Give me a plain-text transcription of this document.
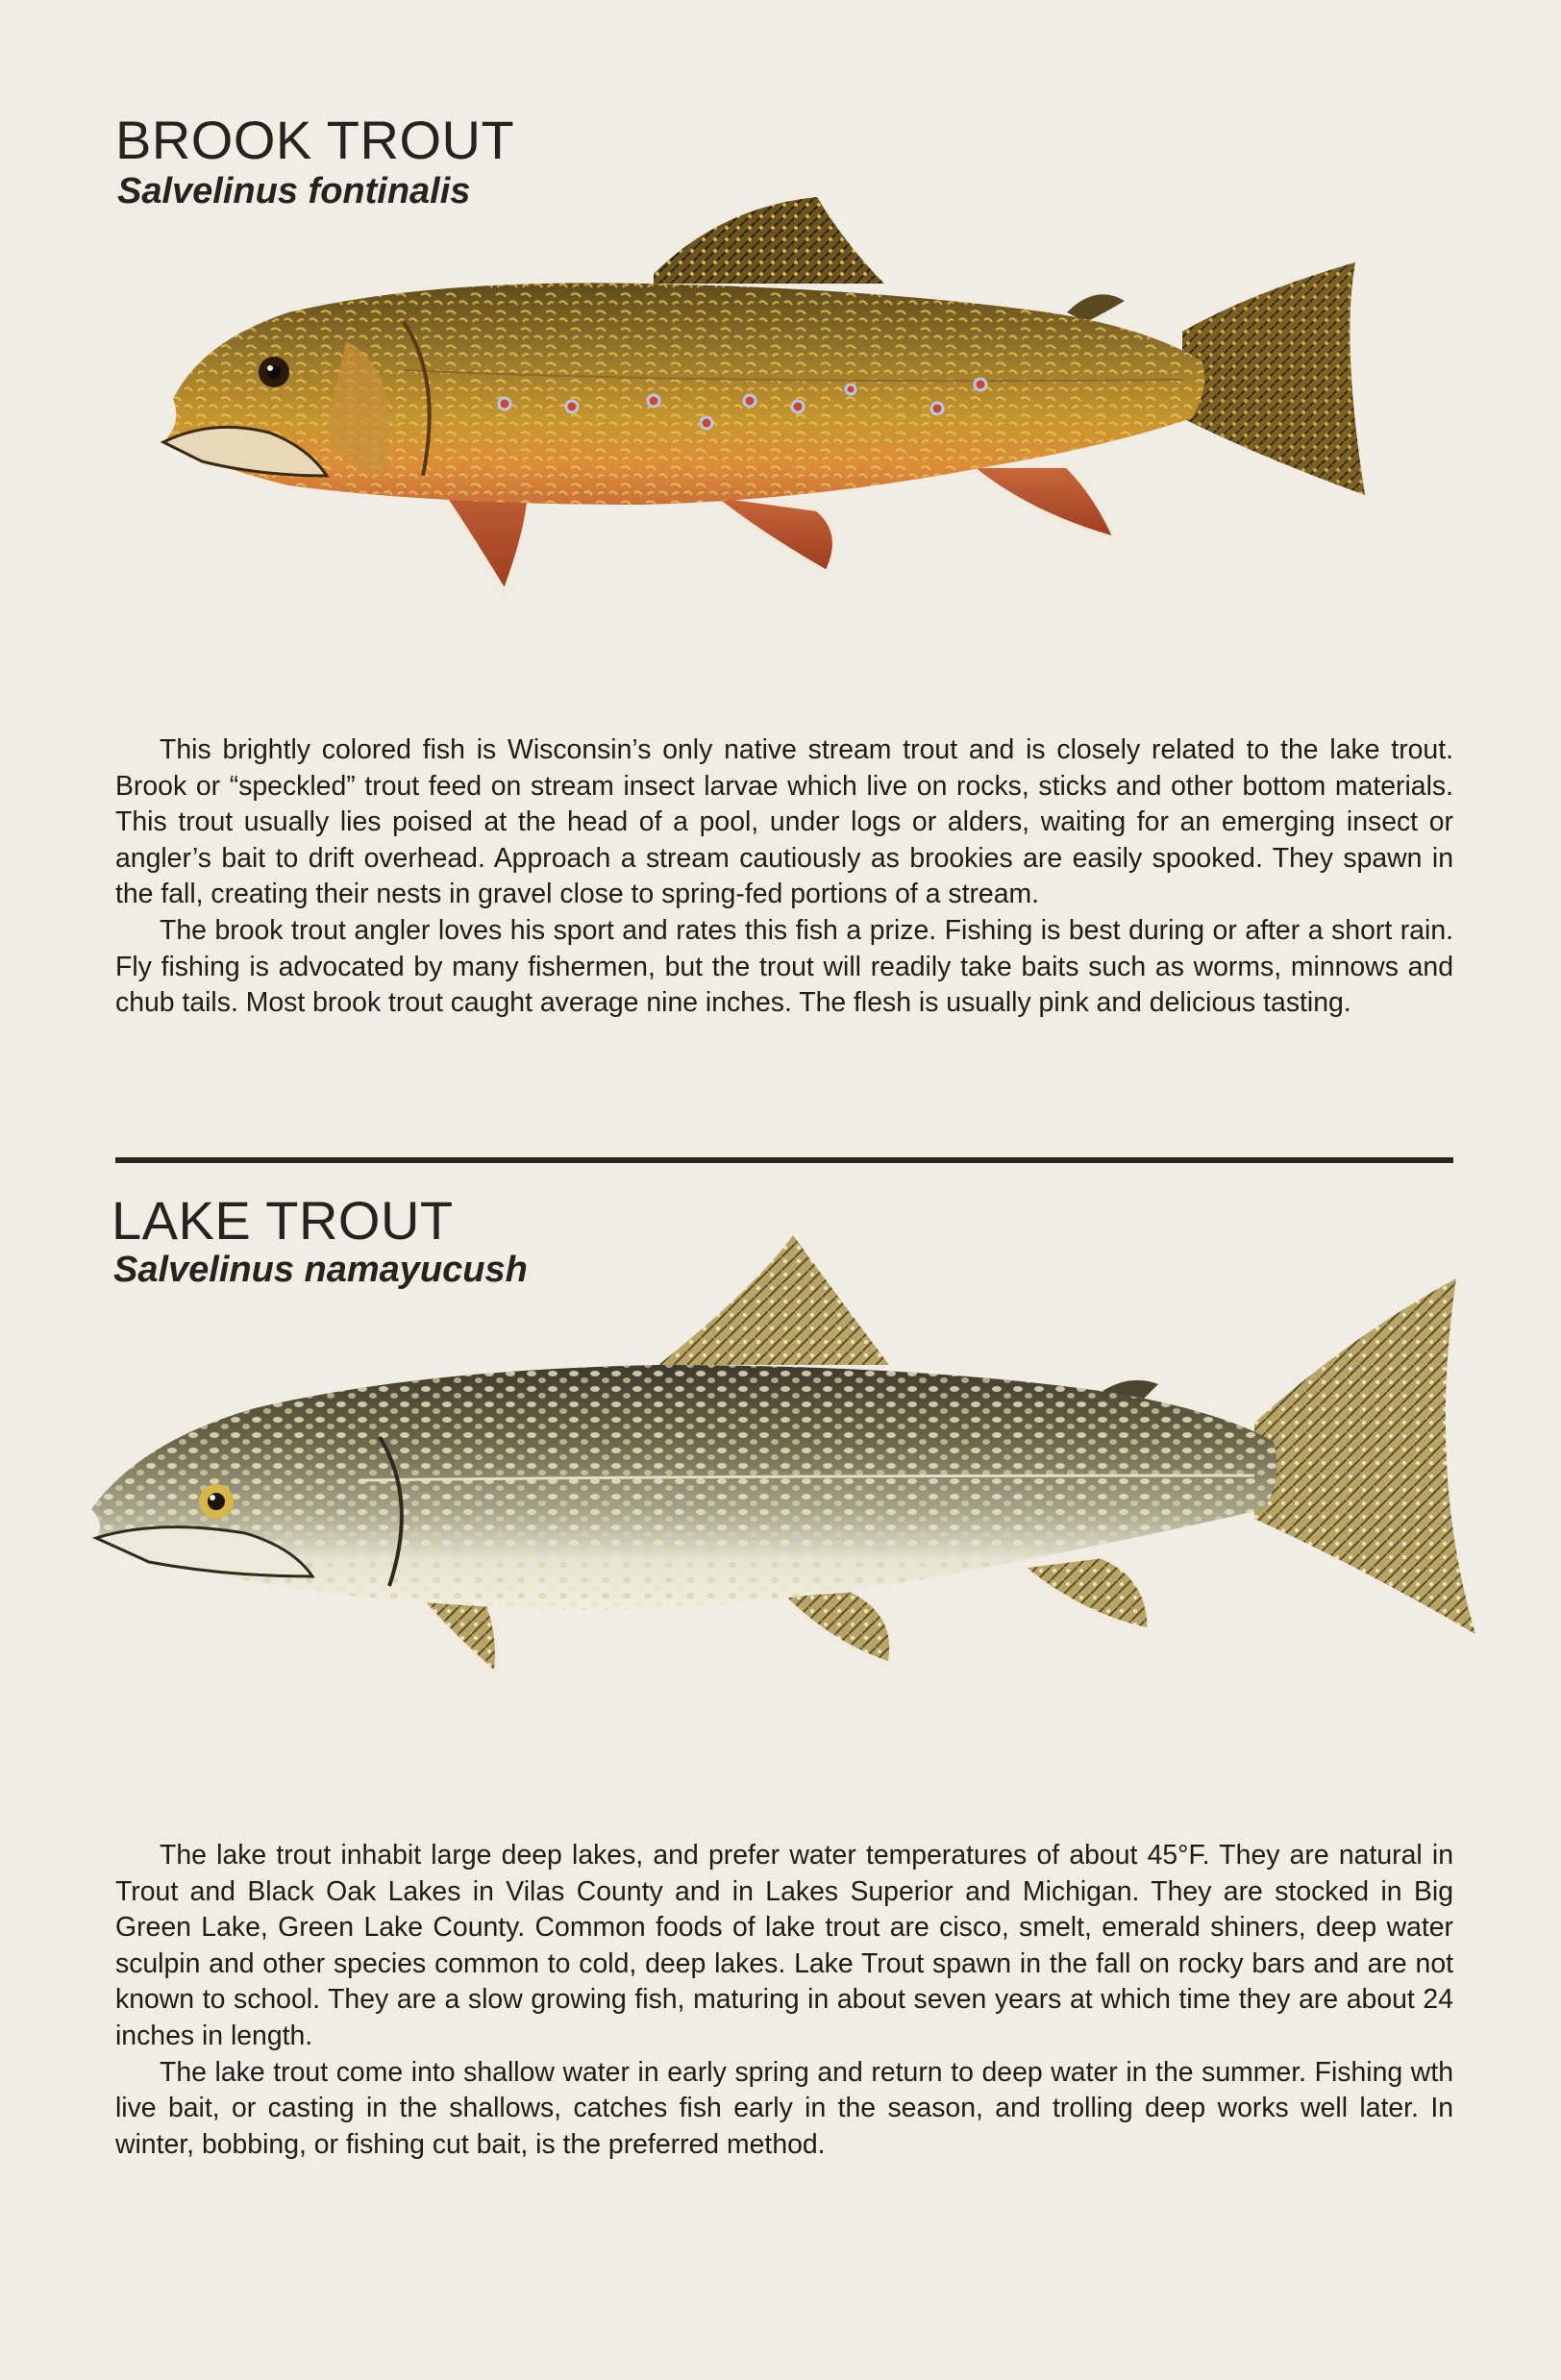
BROOK TROUT
Salvelinus fontinalis

This brightly colored fish is Wisconsin’s only native stream trout and is closely related to the lake trout. Brook or “speckled” trout feed on stream insect larvae which live on rocks, sticks and other bottom materials. This trout usually lies poised at the head of a pool, under logs or alders, waiting for an emerging insect or angler’s bait to drift overhead. Approach a stream cautiously as brookies are easily spooked. They spawn in the fall, creating their nests in gravel close to spring-fed portions of a stream.

The brook trout angler loves his sport and rates this fish a prize. Fishing is best during or after a short rain. Fly fishing is advocated by many fishermen, but the trout will readily take baits such as worms, minnows and chub tails. Most brook trout caught average nine inches. The flesh is usually pink and delicious tasting.

LAKE TROUT
Salvelinus namayucush

The lake trout inhabit large deep lakes, and prefer water temperatures of about 45°F. They are natural in Trout and Black Oak Lakes in Vilas County and in Lakes Superior and Michigan. They are stocked in Big Green Lake, Green Lake County. Common foods of lake trout are cisco, smelt, emerald shiners, deep water sculpin and other species common to cold, deep lakes. Lake Trout spawn in the fall on rocky bars and are not known to school. They are a slow growing fish, maturing in about seven years at which time they are about 24 inches in length.

The lake trout come into shallow water in early spring and return to deep water in the summer. Fishing wth live bait, or casting in the shallows, catches fish early in the season, and trolling deep works well later. In winter, bobbing, or fishing cut bait, is the preferred method.
